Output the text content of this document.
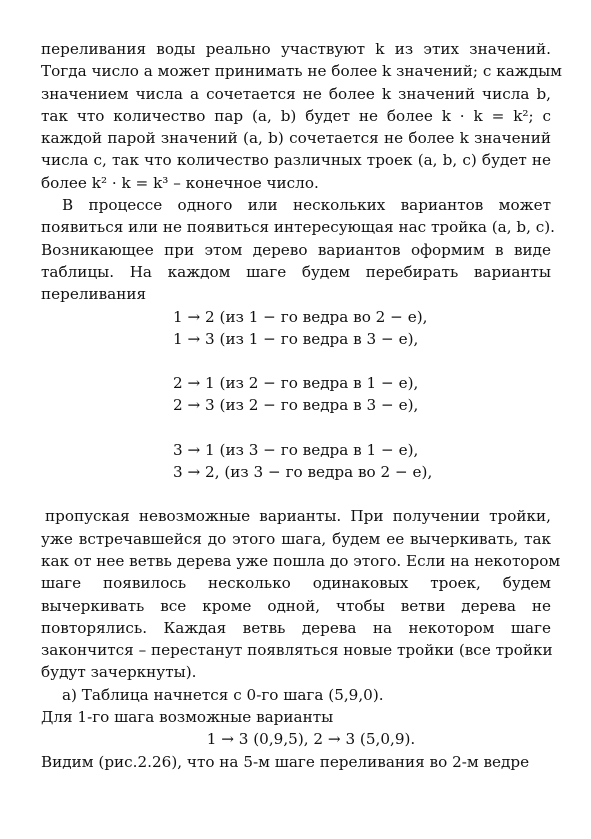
переливания воды реально участвуют k из этих значений.
Тогда число a может принимать не более k значений; с каждым
значением числа a сочетается не более k значений числа b,
так что количество пар (a, b) будет не более k · k = k²; с
каждой парой значений (a, b) сочетается не более k значений
числа c, так что количество различных троек (a, b, c) будет не
более k² · k = k³ – конечное число.
В процессе одного или нескольких вариантов может
появиться или не появиться интересующая нас тройка (a, b, c).
Возникающее при этом дерево вариантов оформим в виде
таблицы. На каждом шаге будем перебирать варианты
переливания
1 → 2 (из 1 − го ведра во 2 − е),
1 → 3 (из 1 − го ведра в 3 − е),
2 → 1 (из 2 − го ведра в 1 − е),
2 → 3 (из 2 − го ведра в 3 − е),
3 → 1 (из 3 − го ведра в 1 − е),
3 → 2, (из 3 − го ведра во 2 − е),
пропуская невозможные варианты. При получении тройки,
уже встречавшейся до этого шага, будем ее вычеркивать, так
как от нее ветвь дерева уже пошла до этого. Если на некотором
шаге появилось несколько одинаковых троек, будем
вычеркивать все кроме одной, чтобы ветви дерева не
повторялись. Каждая ветвь дерева на некотором шаге
закончится – перестанут появляться новые тройки (все тройки
будут зачеркнуты).
а) Таблица начнется с 0-го шага (5,9,0).
Для 1-го шага возможные варианты
1 → 3 (0,9,5), 2 → 3 (5,0,9).
Видим (рис.2.26), что на 5-м шаге переливания во 2-м ведре
